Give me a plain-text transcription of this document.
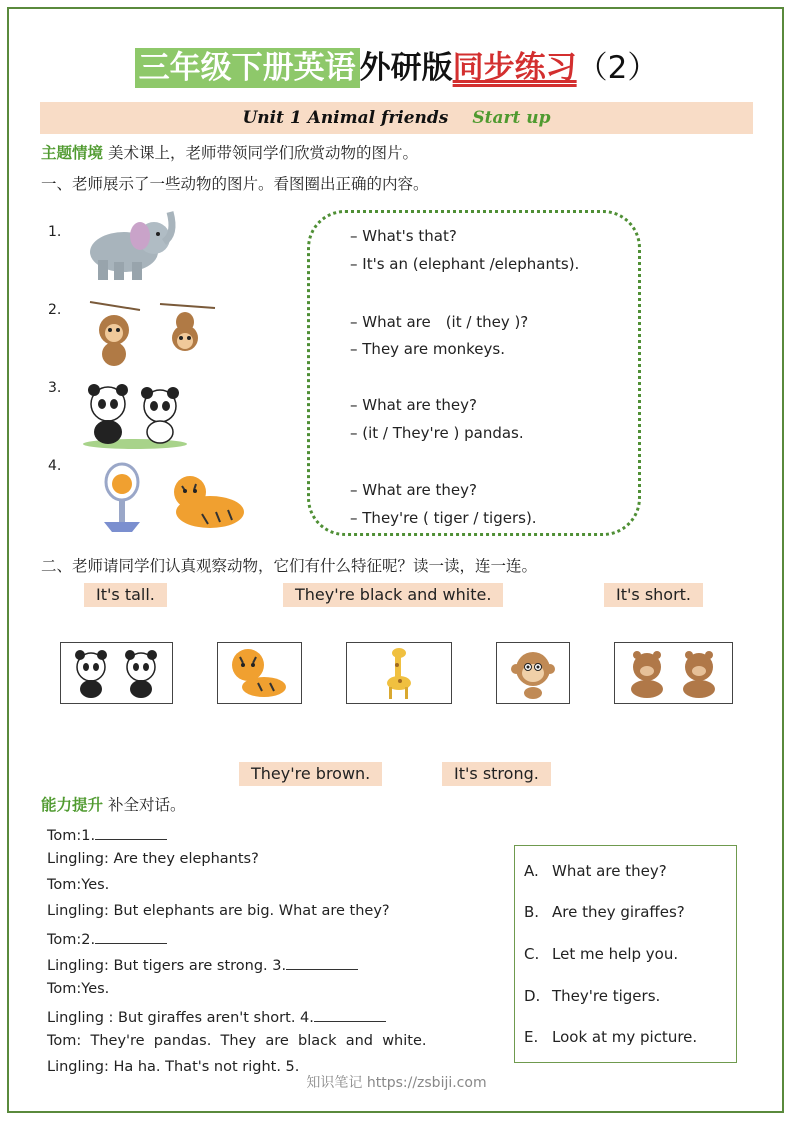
三年级下册英语 外研版同步练习（2）
Unit 1 Animal friends Start up
主题情境 美术课上，老师带领同学们欣赏动物的图片。
一、老师展示了一些动物的图片。看图圈出正确的内容。
1.
2.
3.
4.
– What's that?
– It's an (elephant /elephants).
– What are　(it / they )?
– They are monkeys.
– What are they?
– (it / They're ) pandas.
– What are they?
– They're ( tiger / tigers).
二、老师请同学们认真观察动物，它们有什么特征呢？读一读，连一连。
It's tall.	They're black and white.	It's short.
They're brown.	It's strong.
能力提升 补全对话。
Tom:1.
Lingling: Are they elephants?
Tom:Yes.
Lingling: But elephants are big. What are they?
Tom:2.
Lingling: But tigers are strong. 3.
Tom:Yes.
Lingling : But giraffes aren't short. 4.
Tom:  They're  pandas.  They  are  black  and  white.
Lingling: Ha ha. That's not right. 5.
A. What are they?
B. Are they giraffes?
C. Let me help you.
D. They're tigers.
E. Look at my picture.
知识笔记 https://zsbiji.com
